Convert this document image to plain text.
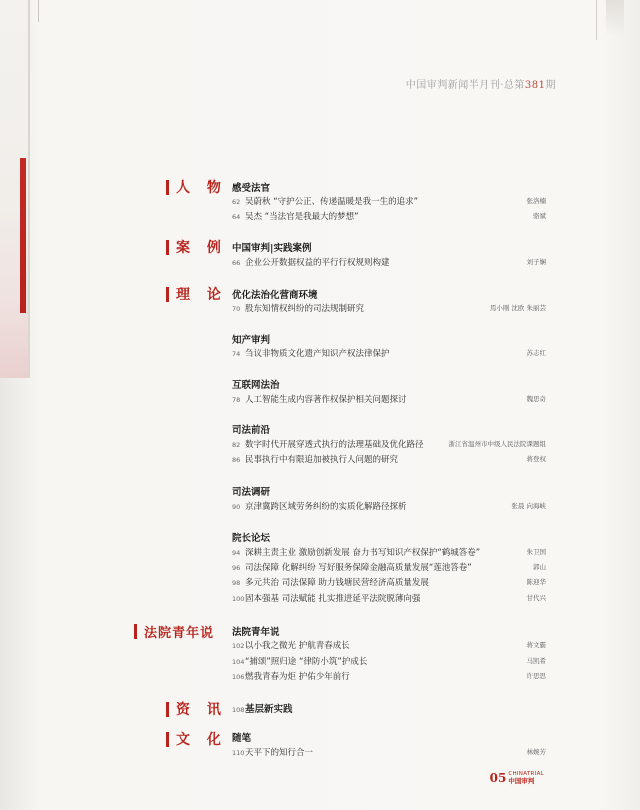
中国审判新闻半月刊·总第381期
人 物 感受法官
62 吴蔚秋 “守护公正、传递温暖是我一生的追求”	张洛楠
64 吴杰 “当法官是我最大的梦想”	骆斌
案 例 中国审判|实践案例
66 企业公开数据权益的平行行权规则构建	刘子娴
理 论 优化法治化营商环境
70 股东知情权纠纷的司法规制研究	焉小刚 沈欧 朱丽芸
知产审判
74 刍议非物质文化遗产知识产权法律保护	苏志红
互联网法治
78 人工智能生成内容著作权保护相关问题探讨	魏思奇
司法前沿
82 数字时代开展穿透式执行的法理基础及优化路径	浙江省温州市中级人民法院课题组
86 民事执行中有限追加被执行人问题的研究	蒋登权
司法调研
90 京津冀跨区域劳务纠纷的实质化解路径探析	张晨 向海峡
院长论坛
94 深耕主责主业 激励创新发展 奋力书写知识产权保护“鹤城答卷”	朱卫国
96 司法保障 化解纠纷 写好服务保障金融高质量发展“莲池答卷”	郭山
98 多元共治 司法保障 助力钱塘民营经济高质量发展	陈迎华
100固本强基 司法赋能 扎实推进延平法院脱薄向强	甘代兴
法院青年说 法院青年说
102以小我之微光 护航青春成长	蒋文霸
104“捕颂”照归途 “律防小筑”护成长	马凯希
106燃我青春为炬 护佑少年前行	许思思
资 讯 108基层新实践
文 化 随笔
110天平下的知行合一	林婉芳
05 CHINATRIAL
中国审判
